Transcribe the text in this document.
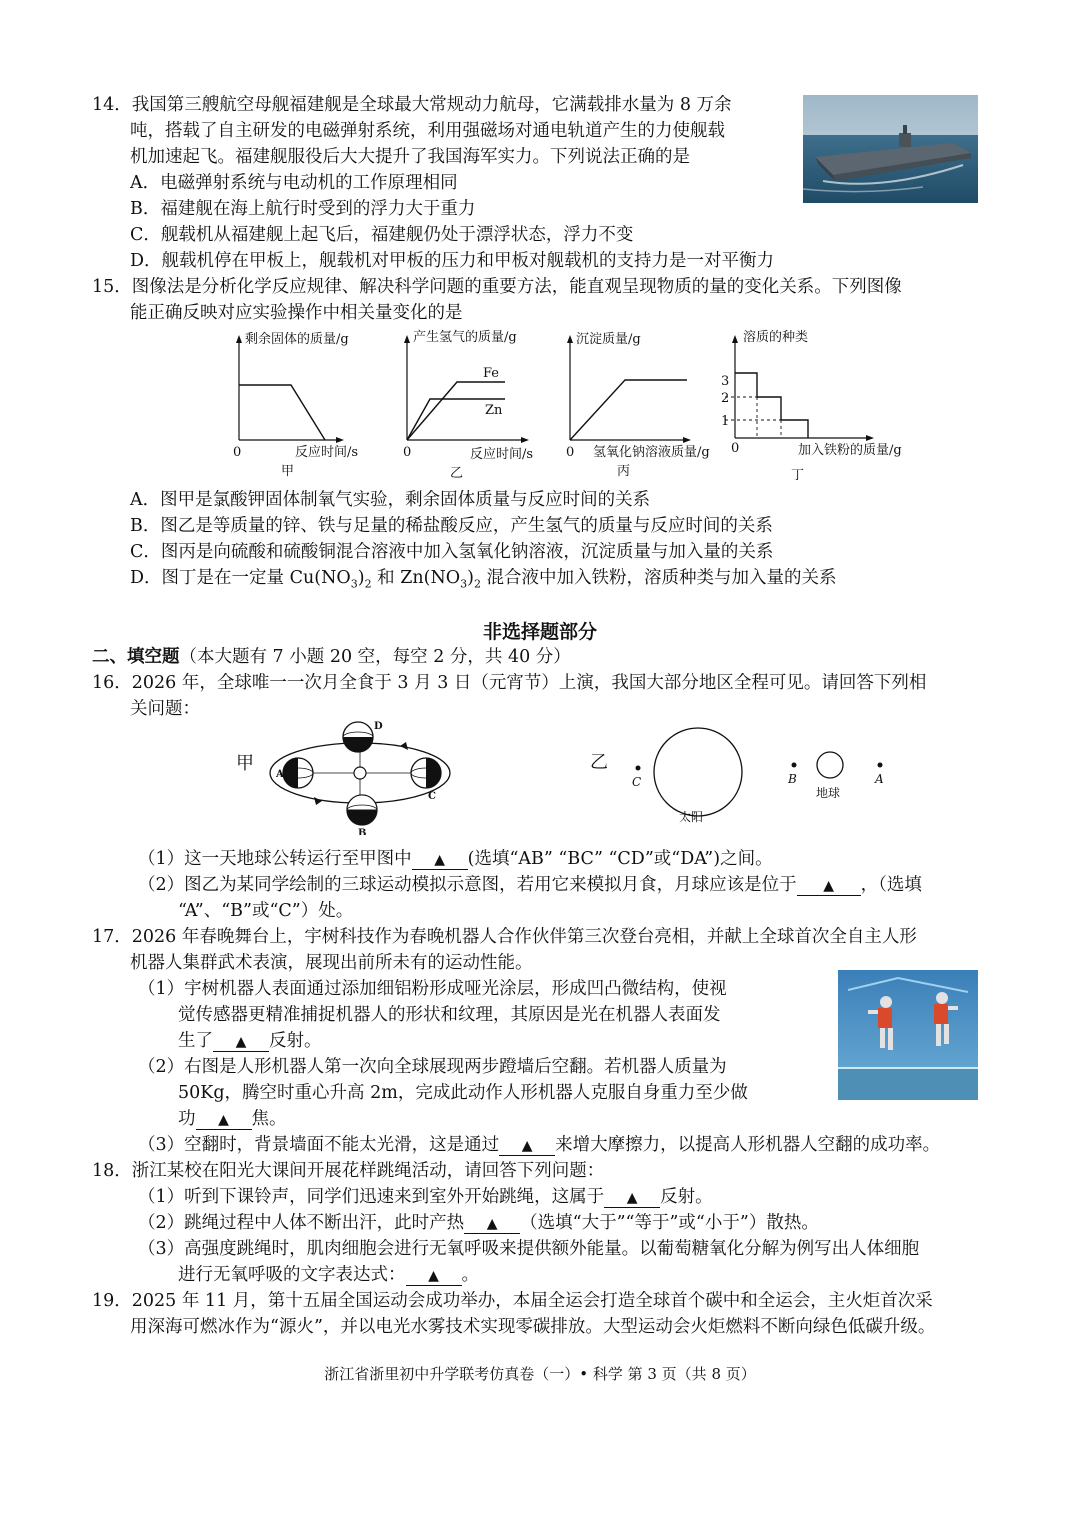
14．我国第三艘航空母舰福建舰是全球最大常规动力航母，它满载排水量为 8 万余
吨，搭载了自主研发的电磁弹射系统，利用强磁场对通电轨道产生的力使舰载
机加速起飞。福建舰服役后大大提升了我国海军实力。下列说法正确的是
A．电磁弹射系统与电动机的工作原理相同
B．福建舰在海上航行时受到的浮力大于重力
C．舰载机从福建舰上起飞后，福建舰仍处于漂浮状态，浮力不变
D．舰载机停在甲板上，舰载机对甲板的压力和甲板对舰载机的支持力是一对平衡力
15．图像法是分析化学反应规律、解决科学问题的重要方法，能直观呈现物质的量的变化关系。下列图像
能正确反映对应实验操作中相关量变化的是
剩余固体的质量/g
0	反应时间/s
甲
产生氢气的质量/g
Fe
Zn
0	反应时间/s
乙
沉淀质量/g
0 氢氧化钠溶液质量/g
丙
溶质的种类
3
2
1
0	加入铁粉的质量/g
丁
A．图甲是氯酸钾固体制氧气实验，剩余固体质量与反应时间的关系
B．图乙是等质量的锌、铁与足量的稀盐酸反应，产生氢气的质量与反应时间的关系
C．图丙是向硫酸和硫酸铜混合溶液中加入氢氧化钠溶液，沉淀质量与加入量的关系
D．图丁是在一定量 $Cu(NO_3)_2$ 和 $Zn(NO_3)_2$ 混合液中加入铁粉，溶质种类与加入量的关系
非选择题部分
二、填空题（本大题有 7 小题 20 空，每空 2 分，共 40 分）
16．2026 年，全球唯一一次月全食于 3 月 3 日（元宵节）上演，我国大部分地区全程可见。请回答下列相
关问题：
甲
A
B
C
D
乙
C
太阳
B
地球
A
（1）这一天地球公转运行至甲图中 ▲ (选填“AB” “BC” “CD”或“DA”)之间。
（2）图乙为某同学绘制的三球运动模拟示意图，若用它来模拟月食，月球应该是位于 ▲ ，（选填
“A”、“B”或“C”）处。
17．2026 年春晚舞台上，宇树科技作为春晚机器人合作伙伴第三次登台亮相，并献上全球首次全自主人形
机器人集群武术表演，展现出前所未有的运动性能。
（1）宇树机器人表面通过添加细铝粉形成哑光涂层，形成凹凸微结构，使视
觉传感器更精准捕捉机器人的形状和纹理，其原因是光在机器人表面发
生了 ▲ 反射。
（2）右图是人形机器人第一次向全球展现两步蹬墙后空翻。若机器人质量为
50Kg，腾空时重心升高 2m，完成此动作人形机器人克服自身重力至少做
功 ▲ 焦。
（3）空翻时，背景墙面不能太光滑，这是通过 ▲ 来增大摩擦力，以提高人形机器人空翻的成功率。
18．浙江某校在阳光大课间开展花样跳绳活动，请回答下列问题：
（1）听到下课铃声，同学们迅速来到室外开始跳绳，这属于 ▲ 反射。
（2）跳绳过程中人体不断出汗，此时产热 ▲ （选填“大于”“等于”或“小于”）散热。
（3）高强度跳绳时，肌肉细胞会进行无氧呼吸来提供额外能量。以葡萄糖氧化分解为例写出人体细胞
进行无氧呼吸的文字表达式： ▲ 。
19．2025 年 11 月，第十五届全国运动会成功举办，本届全运会打造全球首个碳中和全运会，主火炬首次采
用深海可燃冰作为“源火”，并以电光水雾技术实现零碳排放。大型运动会火炬燃料不断向绿色低碳升级。
浙江省浙里初中升学联考仿真卷（一）• 科学 第 3 页（共 8 页）
